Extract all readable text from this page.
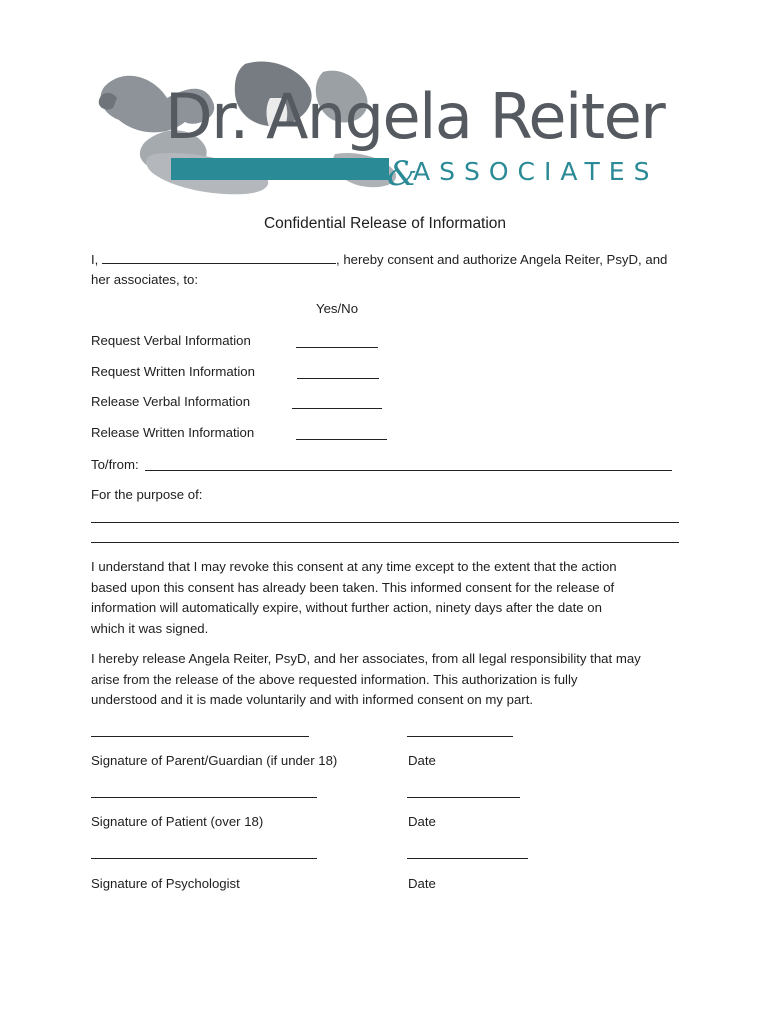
Dr. Angela Reiter
&
ASSOCIATES
Confidential Release of Information
I,	, hereby consent and authorize Angela Reiter, PsyD, and
her associates, to:
Yes/No
Request Verbal Information
Request Written Information
Release Verbal Information
Release Written Information
To/from:
For the purpose of:

I understand that I may revoke this consent at any time except to the extent that the action

based upon this consent has already been taken. This informed consent for the release of

information will automatically expire, without further action, ninety days after the date on

which it was signed.

I hereby release Angela Reiter, PsyD, and her associates, from all legal responsibility that may

arise from the release of the above requested information. This authorization is fully

understood and it is made voluntarily and with informed consent on my part.

Signature of Parent/Guardian (if under 18)	Date
Signature of Patient (over 18)	Date
Signature of Psychologist	Date
